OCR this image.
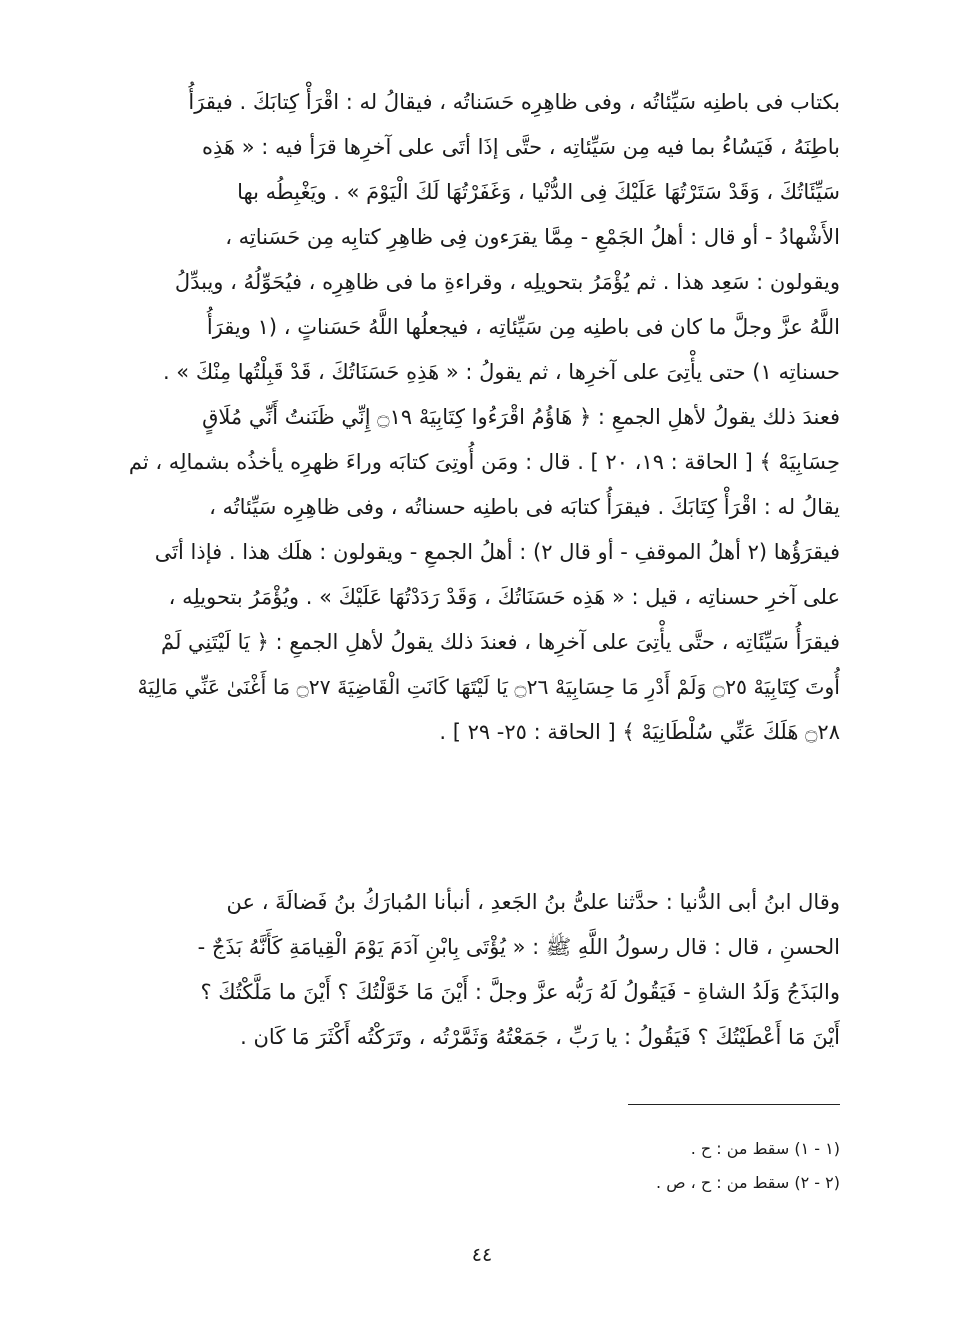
بكتاب فى باطنِه سَيِّئاتُه ، وفى ظاهِرِه حَسَناتُه ، فيقالُ له : اقْرَأْ كِتابَكَ . فيقرَأُ
باطِنَهُ ، فَيَسُاءُ بما فيه مِن سَيِّئاتِه ، حتَّى إذَا أتَى على آخرِها قرَأ فيه : « هَذِه
سَيِّئَاتُكَ ، وَقَدْ سَتَرْتُهَا عَلَيْكَ فِى الدُّنْيا ، وَغَفَرْتُهَا لَكَ الْيَوْمَ » . ويَغْبِطُه بها
الأَشْهادُ - أو قال : أهلُ الجَمْعِ - مِمَّا يقرَءون فِى ظاهِرِ كتابِه مِن حَسَناتِه ،
ويقولون : سَعِد هذا . ثم يُؤْمَرُ بتحويلِه ، وقراءةِ ما فى ظاهِرِه ، فيُحَوِّلُهُ ، ويبدِّلُ
اللَّهُ عزَّ وجلَّ ما كان فى باطنِه مِن سَيِّئاتِه ، فيجعلُها اللَّهُ حَسَناتٍ ، (١ ويقرَأُ
حسناتِه ١) حتى يأْتِىَ على آخرِها ، ثم يقولُ : « هَذِهِ حَسَنَاتُكَ ، قَدْ قَبِلْتُها مِنْكَ » .
فعندَ ذلك يقولُ لأهلِ الجمعِ : ﴿ هَاؤُمُ اقْرَءُوا كِتَابِيَهْ ۝١٩ إِنِّي ظَنَنتُ أَنِّي مُلَاقٍ
حِسَابِيَهْ ﴾ [ الحاقة : ١٩، ٢٠ ] . قال : ومَن أُوتِىَ كتابَه وراءَ ظهرِه يأخذُه بشمالِه ، ثم
يقالُ له : اقْرَأْ كِتَابَكَ . فيقرَأُ كتابَه فى باطنِه حسناتُه ، وفى ظاهِرِه سَيِّئاتُه ،
فيقرَؤُها (٢ أهلُ الموقفِ - أو قال ٢) : أهلُ الجمعِ - ويقولون : هلَك هذا . فإذا أتَى
على آخرِ حسناتِه ، قيل : « هَذِه حَسَنَاتُكَ ، وَقَدْ رَدَدْتُهَا عَلَيْكَ » . ويُؤْمَرُ بتحويلِه ،
فيقرَأُ سَيِّئَاتِه ، حتَّى يأْتِىَ على آخرِها ، فعندَ ذلك يقولُ لأهلِ الجمعِ : ﴿ يَا لَيْتَنِي لَمْ
أُوتَ كِتَابِيَهْ ۝٢٥ وَلَمْ أَدْرِ مَا حِسَابِيَهْ ۝٢٦ يَا لَيْتَهَا كَانَتِ الْقَاضِيَةَ ۝٢٧ مَا أَغْنَىٰ عَنِّي مَالِيَهْ
۝٢٨ هَلَكَ عَنِّي سُلْطَانِيَهْ ﴾ [ الحاقة : ٢٥- ٢٩ ] .
وقال ابنُ أبى الدُّنيا : حدَّثنا علىُّ بنُ الجَعدِ ، أنبأنا المُبارَكُ بنُ فَضالَةَ ، عن
الحسنِ ، قال : قال رسولُ اللَّهِ ﷺ : « يُؤْتَى بِابْنِ آدَمَ يَوْمَ الْقِيامَةِ كَأَنَّهُ بَذَجٌ -
والبَذَجُ وَلَدُ الشاةِ - فَيَقُولُ لَهُ رَبُّه عزَّ وجلَّ : أَيْنَ مَا خَوَّلْتُكَ ؟ أَيْنَ ما مَلَّكْتُكَ ؟
أَيْنَ مَا أَعْطَيْتُكَ ؟ فَيَقُولُ : يا رَبِّ ، جَمَعْتُهُ وَثَمَّرْتُه ، وتَرَكْتُه أَكْثَرَ مَا كَان .
(١ - ١) سقط من : ح .
(٢ - ٢) سقط من : ح ، ص .
٤٤
